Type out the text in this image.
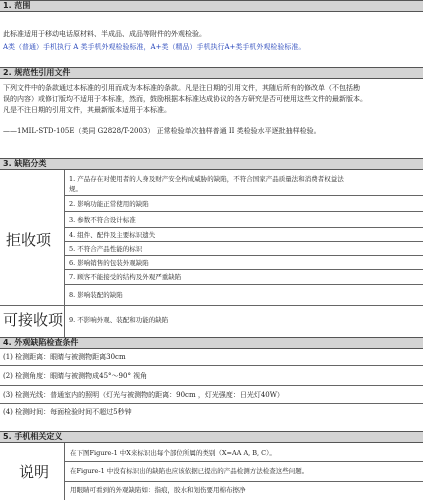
1. 范围
此标准适用于移动电话原材料、半成品、成品等附件的外观检验。
A类（普通）手机执行 A 类手机外观检验标准，A+类（精品）手机执行A+类手机外观检验标准。
2. 规范性引用文件
下列文件中的条款通过本标准的引用而成为本标准的条款。凡是注日期的引用文件，其随后所有的修改单（不包括勘
误的内容）或修订版均不适用于本标准，然而，鼓励根据本标准达成协议的各方研究是否可使用这些文件的最新版本。
凡是不注日期的引用文件，其最新版本适用于本标准。
——1MIL-STD-105E（类同 G2828/T-2003） 正常检验单次抽样普通 II 类检验水平逐批抽样检验。
3. 缺陷分类
拒收项
1. 产品存在对使用者的人身及财产安全构成威胁的缺陷，不符合国家产品质量法和消费者权益法
规。
2. 影响功能正常使用的缺陷
3. 参数不符合设计标准
4. 组件、配件及主要标识遗失
5. 不符合产品性能的标识
6. 影响销售的包装外观缺陷
7. 顾客不能接受的结构及外观严重缺陷
8. 影响装配的缺陷
可接收项 9. 不影响外观、装配和功能的缺陷
4. 外观缺陷检查条件
(1) 检测距离：眼睛与被测物距离30cm
(2) 检测角度：眼睛与被测物成45°～90° 视角
(3) 检测光线：普通室内的照明（灯光与被测物的距离：90cm ，灯光强度：日光灯40W）
(4) 检测时间：每面检验时间不超过5秒钟
5. 手机相关定义
说明
在下图Figure-1 中X来标识出每个部位所属的类别（X=AA A, B, C）。
在Figure-1 中没有标识出的缺陷也应该依据已提出的产品检测方法检查这些问题。
用眼睛可看到的外观缺陷如：指痕，胶水和划伤要用棉布擦净
